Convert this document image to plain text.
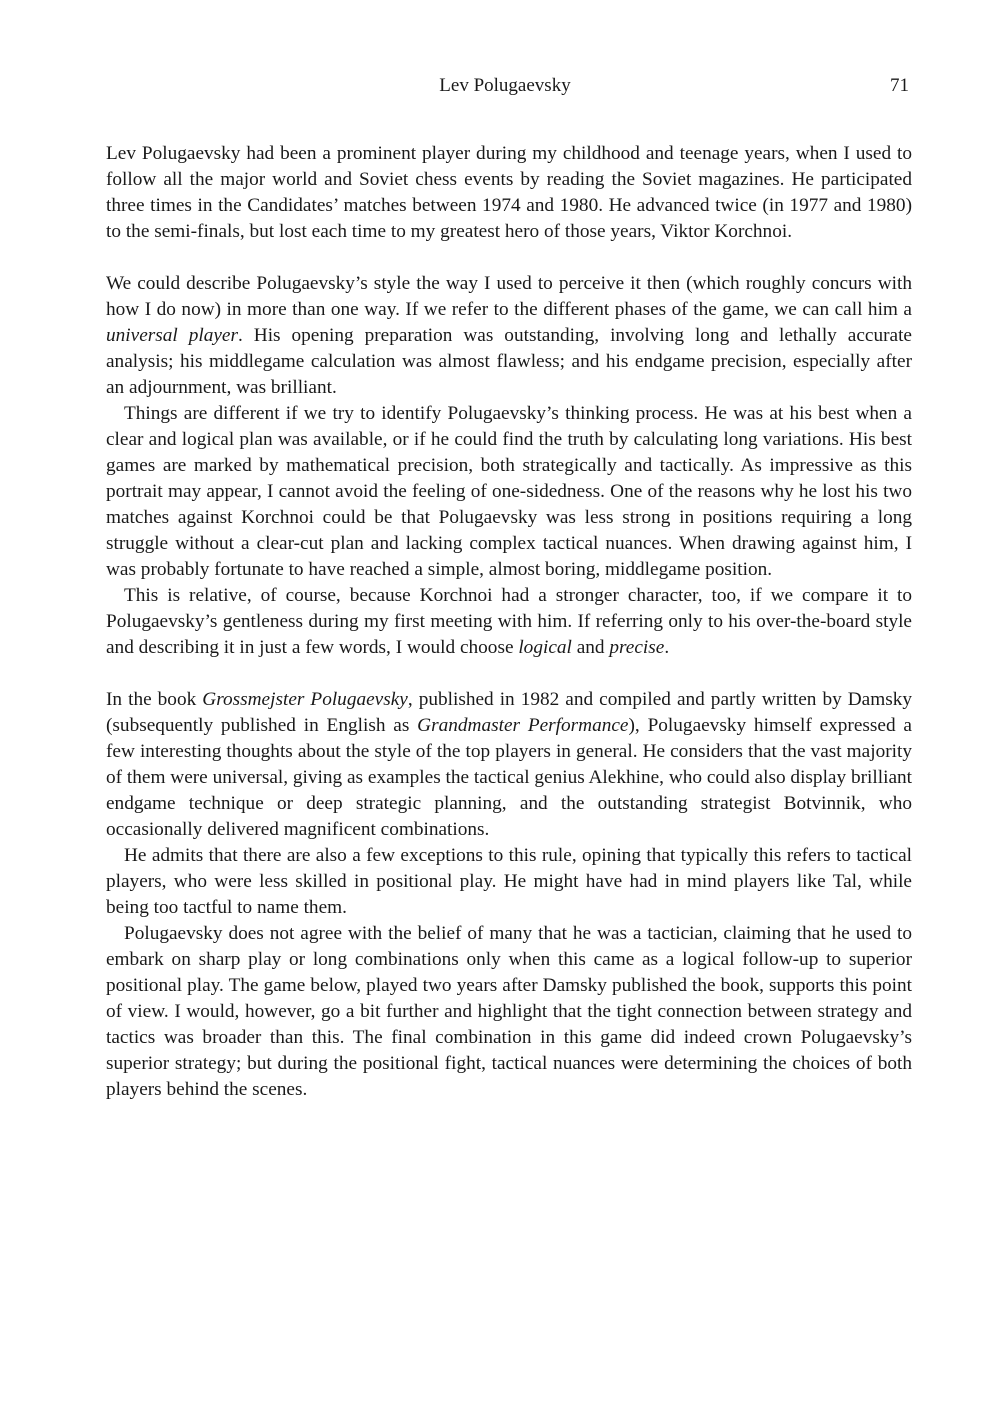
Lev Polugaevsky	71

Lev Polugaevsky had been a prominent player during my childhood and teenage years, when I used to follow all the major world and Soviet chess events by reading the Soviet magazines. He participated three times in the Candidates’ matches between 1974 and 1980. He advanced twice (in 1977 and 1980) to the semi-finals, but lost each time to my greatest hero of those years, Viktor Korchnoi.

We could describe Polugaevsky’s style the way I used to perceive it then (which roughly concurs with how I do now) in more than one way. If we refer to the different phases of the game, we can call him a universal player. His opening preparation was outstanding, involving long and lethally accurate analysis; his middlegame calculation was almost flawless; and his endgame precision, especially after an adjournment, was brilliant.

Things are different if we try to identify Polugaevsky’s thinking process. He was at his best when a clear and logical plan was available, or if he could find the truth by calculating long variations. His best games are marked by mathematical precision, both strategically and tactically. As impressive as this portrait may appear, I cannot avoid the feeling of one-sidedness. One of the reasons why he lost his two matches against Korchnoi could be that Polugaevsky was less strong in positions requiring a long struggle without a clear-cut plan and lacking complex tactical nuances. When drawing against him, I was probably fortunate to have reached a simple, almost boring, middlegame position.

This is relative, of course, because Korchnoi had a stronger character, too, if we compare it to Polugaevsky’s gentleness during my first meeting with him. If referring only to his over-the-board style and describing it in just a few words, I would choose logical and precise.

In the book Grossmejster Polugaevsky, published in 1982 and compiled and partly written by Damsky (subsequently published in English as Grandmaster Performance), Polugaevsky himself expressed a few interesting thoughts about the style of the top players in general. He considers that the vast majority of them were universal, giving as examples the tactical genius Alekhine, who could also display brilliant endgame technique or deep strategic planning, and the outstanding strategist Botvinnik, who occasionally delivered magnificent combinations.

He admits that there are also a few exceptions to this rule, opining that typically this refers to tactical players, who were less skilled in positional play. He might have had in mind players like Tal, while being too tactful to name them.

Polugaevsky does not agree with the belief of many that he was a tactician, claiming that he used to embark on sharp play or long combinations only when this came as a logical follow-up to superior positional play. The game below, played two years after Damsky published the book, supports this point of view. I would, however, go a bit further and highlight that the tight connection between strategy and tactics was broader than this. The final combination in this game did indeed crown Polugaevsky’s superior strategy; but during the positional fight, tactical nuances were determining the choices of both players behind the scenes.
